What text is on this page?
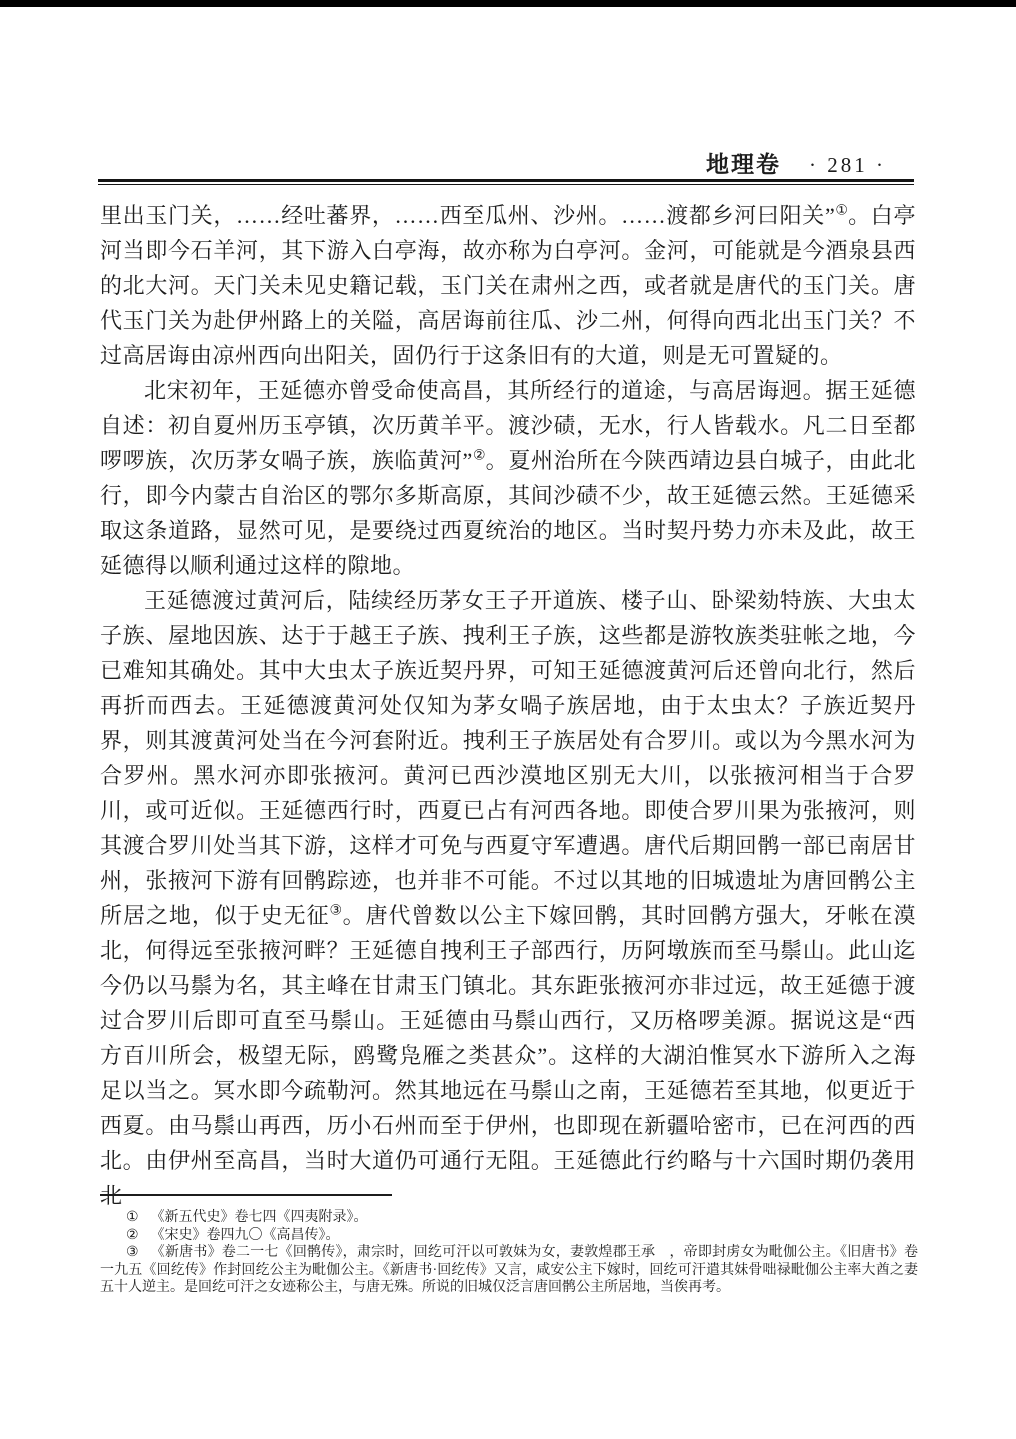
地理卷 · 281 ·

里出玉门关，……经吐蕃界，……西至瓜州、沙州。……渡都乡河曰阳关”①。白亭河当即今石羊河，其下游入白亭海，故亦称为白亭河。金河，可能就是今酒泉县西的北大河。天门关未见史籍记载，玉门关在肃州之西，或者就是唐代的玉门关。唐代玉门关为赴伊州路上的关隘，高居诲前往瓜、沙二州，何得向西北出玉门关？不过高居诲由凉州西向出阳关，固仍行于这条旧有的大道，则是无可置疑的。

北宋初年，王延德亦曾受命使高昌，其所经行的道途，与高居诲迥。据王延德自述：初自夏州历玉亭镇，次历黄羊平。渡沙碛，无水，行人皆载水。凡二日至都啰啰族，次历茅女喎子族，族临黄河”②。夏州治所在今陕西靖边县白城子，由此北行，即今内蒙古自治区的鄂尔多斯高原，其间沙碛不少，故王延德云然。王延德采取这条道路，显然可见，是要绕过西夏统治的地区。当时契丹势力亦未及此，故王延德得以顺利通过这样的隙地。

王延德渡过黄河后，陆续经历茅女王子开道族、楼子山、卧梁劾特族、大虫太子族、屋地因族、达于于越王子族、拽利王子族，这些都是游牧族类驻帐之地，今已难知其确处。其中大虫太子族近契丹界，可知王延德渡黄河后还曾向北行，然后再折而西去。王延德渡黄河处仅知为茅女喎子族居地，由于太虫太？子族近契丹界，则其渡黄河处当在今河套附近。拽利王子族居处有合罗川。或以为今黑水河为合罗州。黑水河亦即张掖河。黄河已西沙漠地区别无大川，以张掖河相当于合罗川，或可近似。王延德西行时，西夏已占有河西各地。即使合罗川果为张掖河，则其渡合罗川处当其下游，这样才可免与西夏守军遭遇。唐代后期回鹘一部已南居甘州，张掖河下游有回鹘踪迹，也并非不可能。不过以其地的旧城遗址为唐回鹘公主所居之地，似于史无征③。唐代曾数以公主下嫁回鹘，其时回鹘方强大，牙帐在漠北，何得远至张掖河畔？王延德自拽利王子部西行，历阿墩族而至马鬃山。此山迄今仍以马鬃为名，其主峰在甘肃玉门镇北。其东距张掖河亦非过远，故王延德于渡过合罗川后即可直至马鬃山。王延德由马鬃山西行，又历格啰美源。据说这是“西方百川所会，极望无际，鸥鹭凫雁之类甚众”。这样的大湖泊惟冥水下游所入之海足以当之。冥水即今疏勒河。然其地远在马鬃山之南，王延德若至其地，似更近于西夏。由马鬃山再西，历小石州而至于伊州，也即现在新疆哈密市，已在河西的西北。由伊州至高昌，当时大道仍可通行无阻。王延德此行约略与十六国时期仍袭用北

① 《新五代史》卷七四《四夷附录》。
② 《宋史》卷四九〇《高昌传》。
③ 《新唐书》卷二一七《回鹘传》，肃宗时，回纥可汗以可敦妹为女，妻敦煌郡王承　，帝即封虏女为毗伽公主。《旧唐书》卷一九五《回纥传》作封回纥公主为毗伽公主。《新唐书·回纥传》又言，咸安公主下嫁时，回纥可汗遣其妹骨咄禄毗伽公主率大酋之妻五十人逆主。是回纥可汗之女迹称公主，与唐无殊。所说的旧城仅泛言唐回鹘公主所居地，当俟再考。
